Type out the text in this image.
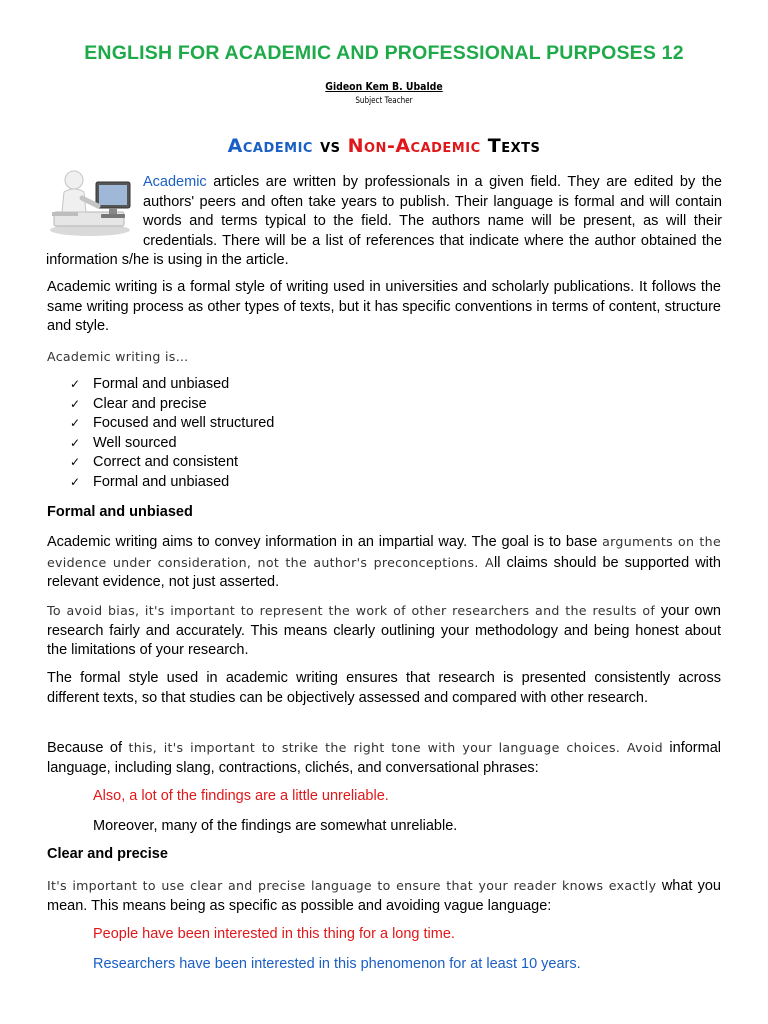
ENGLISH FOR ACADEMIC AND PROFESSIONAL PURPOSES 12
Gideon Kem B. Ubalde
Subject Teacher
Academic vs Non-Academic Texts

Academic articles are written by professionals in a given field. They are edited by the authors' peers and often take years to publish. Their language is formal and will contain words and terms typical to the field. The authors name will be present, as will their credentials. There will be a list of references that indicate where the author obtained the information s/he is using in the article.

Academic writing is a formal style of writing used in universities and scholarly publications. It follows the same writing process as other types of texts, but it has specific conventions in terms of content, structure and style.

Academic writing is…

✓ Formal and unbiased
✓ Clear and precise
✓ Focused and well structured
✓ Well sourced
✓ Correct and consistent
✓ Formal and unbiased
Formal and unbiased

Academic writing aims to convey information in an impartial way. The goal is to base arguments on the evidence under consideration, not the author's preconceptions. All claims should be supported with relevant evidence, not just asserted.

To avoid bias, it's important to represent the work of other researchers and the results of your own research fairly and accurately. This means clearly outlining your methodology and being honest about the limitations of your research.

The formal style used in academic writing ensures that research is presented consistently across different texts, so that studies can be objectively assessed and compared with other research.

Because of this, it's important to strike the right tone with your language choices. Avoid informal language, including slang, contractions, clichés, and conversational phrases:

Also, a lot of the findings are a little unreliable.
Moreover, many of the findings are somewhat unreliable.
Clear and precise

It's important to use clear and precise language to ensure that your reader knows exactly what you mean. This means being as specific as possible and avoiding vague language:

People have been interested in this thing for a long time.
Researchers have been interested in this phenomenon for at least 10 years.
